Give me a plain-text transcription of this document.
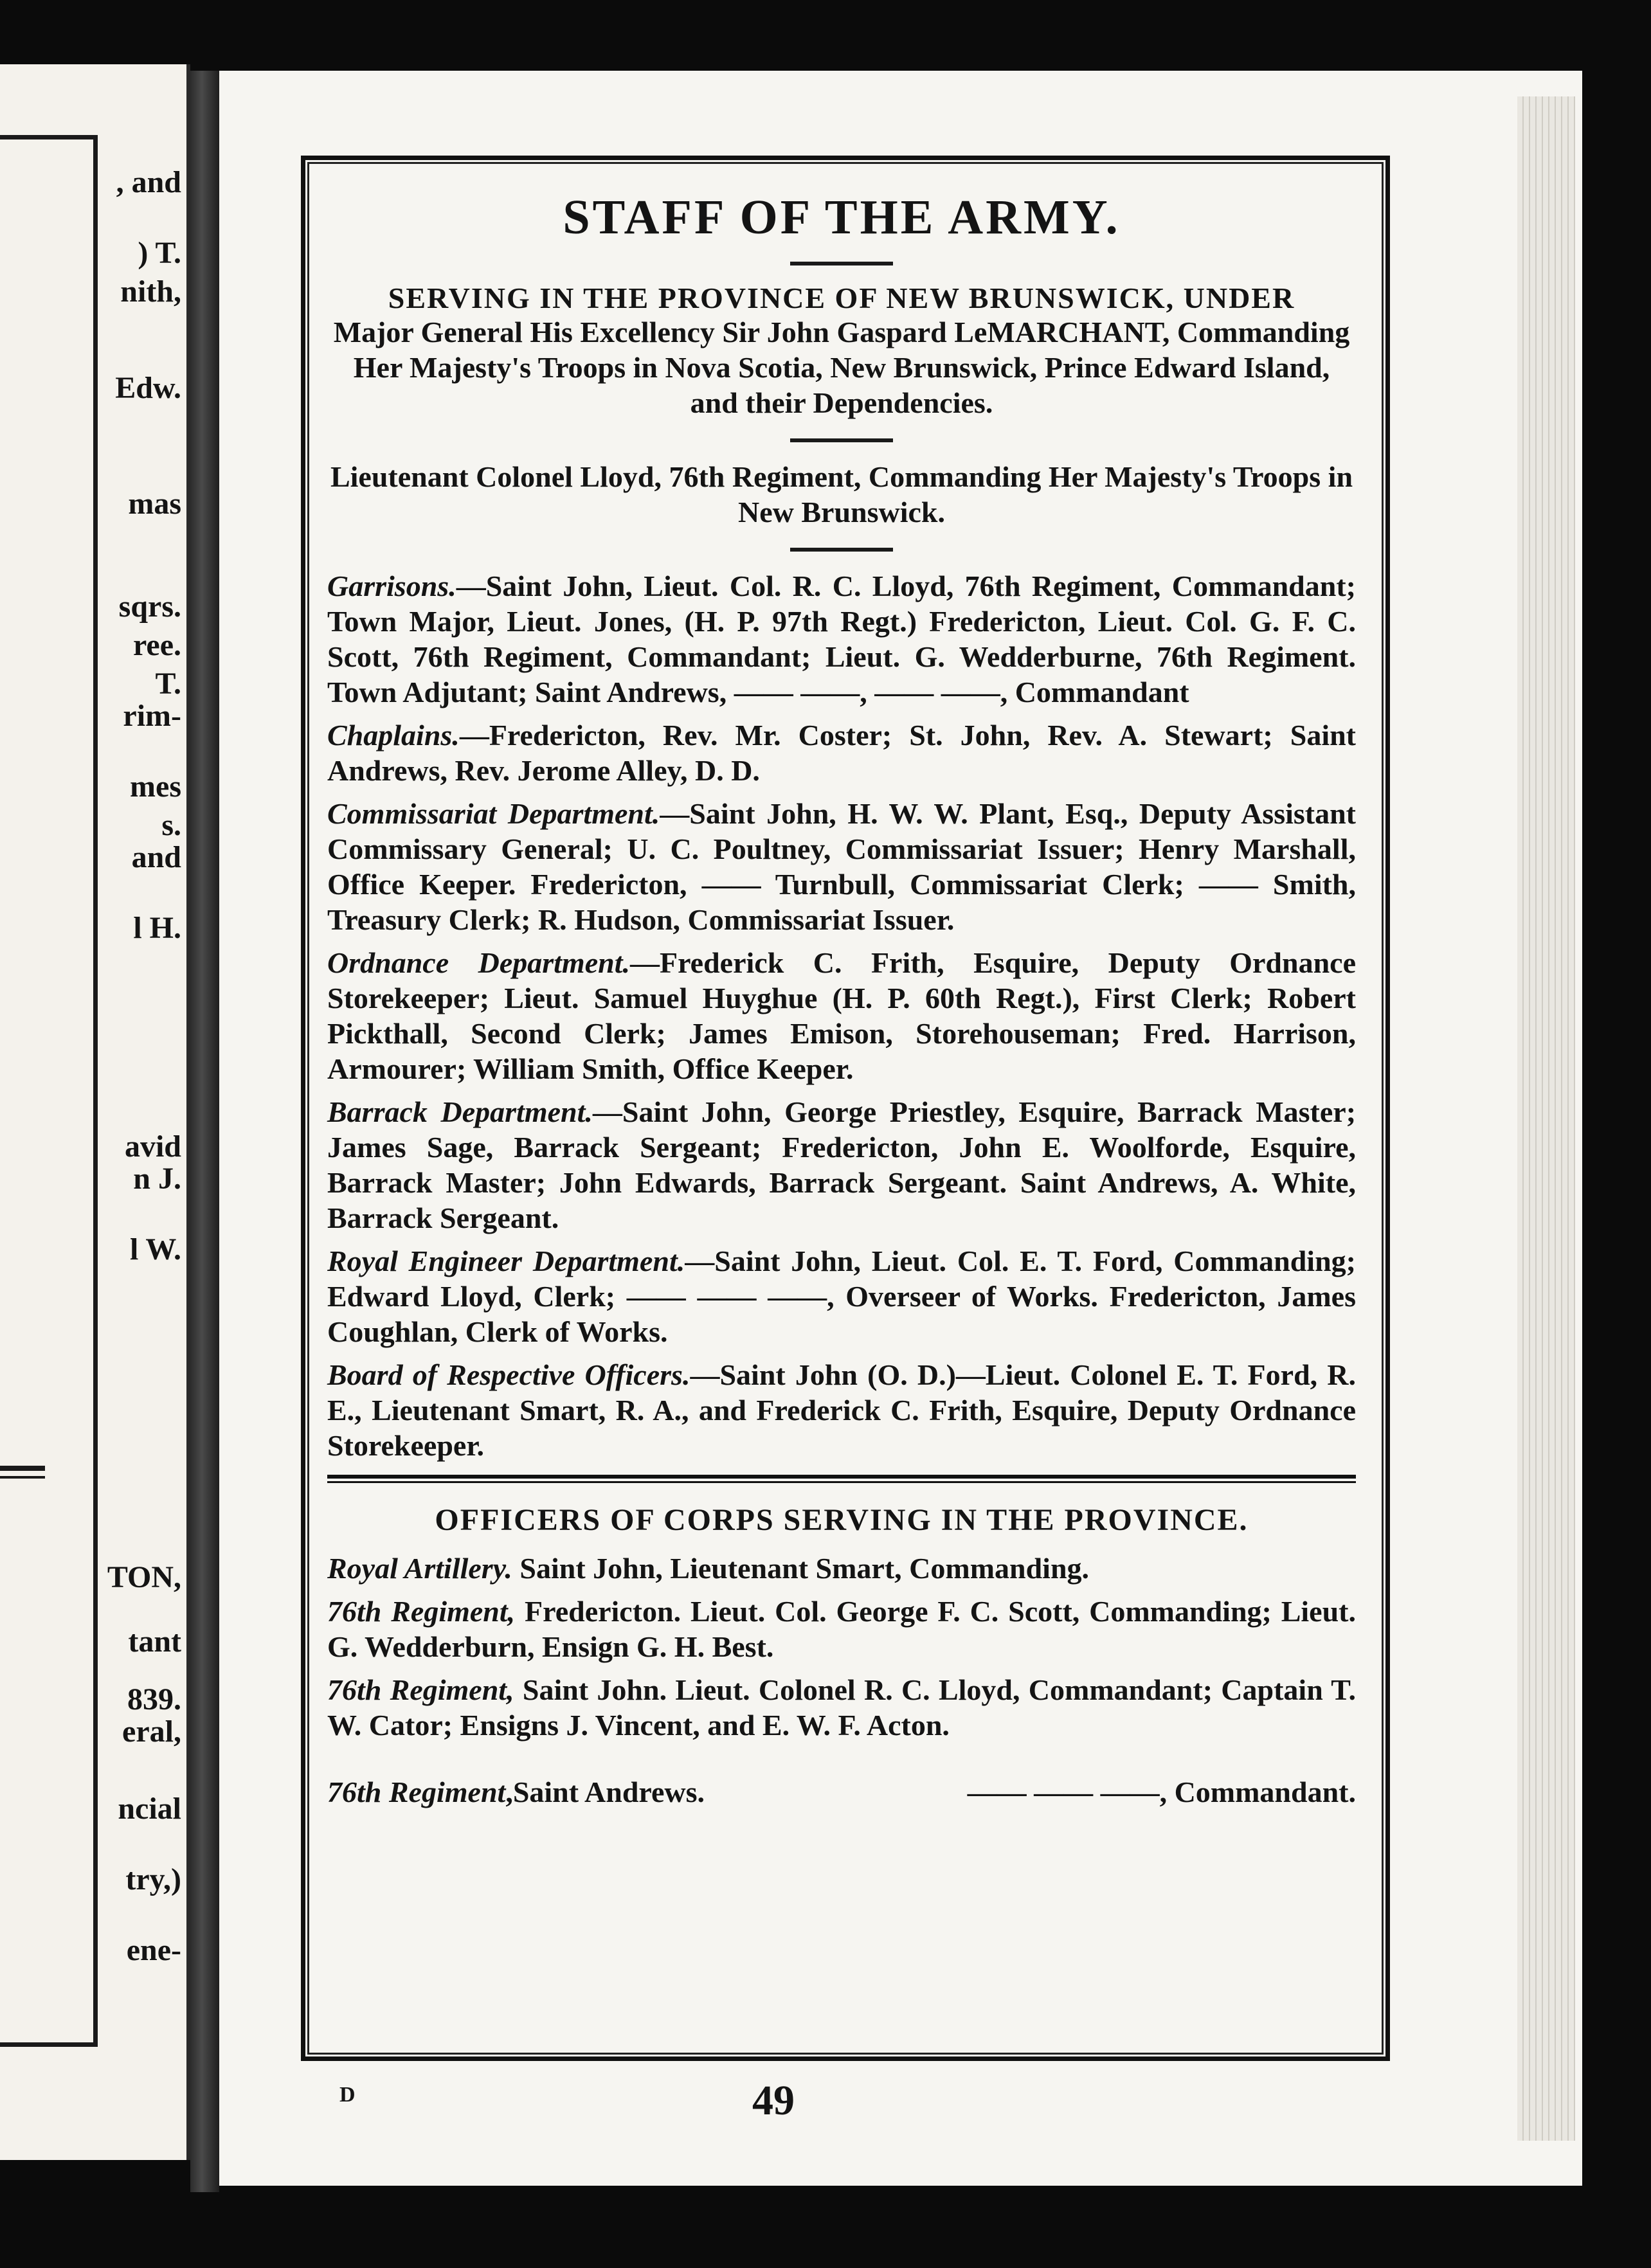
, and
) T.
nith,
Edw.
mas
sqrs.
ree.
T.
rim-
mes
s.
and
l H.
avid
n J.
l W.
TON,
tant
839.
eral,
ncial
try,)
ene-
STAFF OF THE ARMY.

SERVING IN THE PROVINCE OF NEW BRUNSWICK, UNDER

Major General His Excellency Sir John Gaspard LeMARCHANT, Commanding Her Majesty's Troops in Nova Scotia, New Brunswick, Prince Edward Island, and their Dependencies.

Lieutenant Colonel Lloyd, 76th Regiment, Commanding Her Majesty's Troops in New Brunswick.

Garrisons.—Saint John, Lieut. Col. R. C. Lloyd, 76th Regiment, Commandant; Town Major, Lieut. Jones, (H. P. 97th Regt.) Fredericton, Lieut. Col. G. F. C. Scott, 76th Regiment, Commandant; Lieut. G. Wedderburne, 76th Regiment. Town Adjutant; Saint Andrews, —— ——, —— ——, Commandant

Chaplains.—Fredericton, Rev. Mr. Coster; St. John, Rev. A. Stewart; Saint Andrews, Rev. Jerome Alley, D. D.

Commissariat Department.—Saint John, H. W. W. Plant, Esq., Deputy Assistant Commissary General; U. C. Poultney, Commissariat Issuer; Henry Marshall, Office Keeper. Fredericton, —— Turnbull, Commissariat Clerk; —— Smith, Treasury Clerk; R. Hudson, Commissariat Issuer.

Ordnance Department.—Frederick C. Frith, Esquire, Deputy Ordnance Storekeeper; Lieut. Samuel Huyghue (H. P. 60th Regt.), First Clerk; Robert Pickthall, Second Clerk; James Emison, Storehouseman; Fred. Harrison, Armourer; William Smith, Office Keeper.

Barrack Department.—Saint John, George Priestley, Esquire, Barrack Master; James Sage, Barrack Sergeant; Fredericton, John E. Woolforde, Esquire, Barrack Master; John Edwards, Barrack Sergeant. Saint Andrews, A. White, Barrack Sergeant.

Royal Engineer Department.—Saint John, Lieut. Col. E. T. Ford, Commanding; Edward Lloyd, Clerk; —— —— ——, Overseer of Works. Fredericton, James Coughlan, Clerk of Works.

Board of Respective Officers.—Saint John (O. D.)—Lieut. Colonel E. T. Ford, R. E., Lieutenant Smart, R. A., and Frederick C. Frith, Esquire, Deputy Ordnance Storekeeper.

OFFICERS OF CORPS SERVING IN THE PROVINCE.

Royal Artillery. Saint John, Lieutenant Smart, Commanding.

76th Regiment, Fredericton. Lieut. Col. George F. C. Scott, Commanding; Lieut. G. Wedderburn, Ensign G. H. Best.

76th Regiment, Saint John. Lieut. Colonel R. C. Lloyd, Commandant; Captain T. W. Cator; Ensigns J. Vincent, and E. W. F. Acton.

76th Regiment,Saint Andrews.	—— —— ——, Commandant.
D	49
